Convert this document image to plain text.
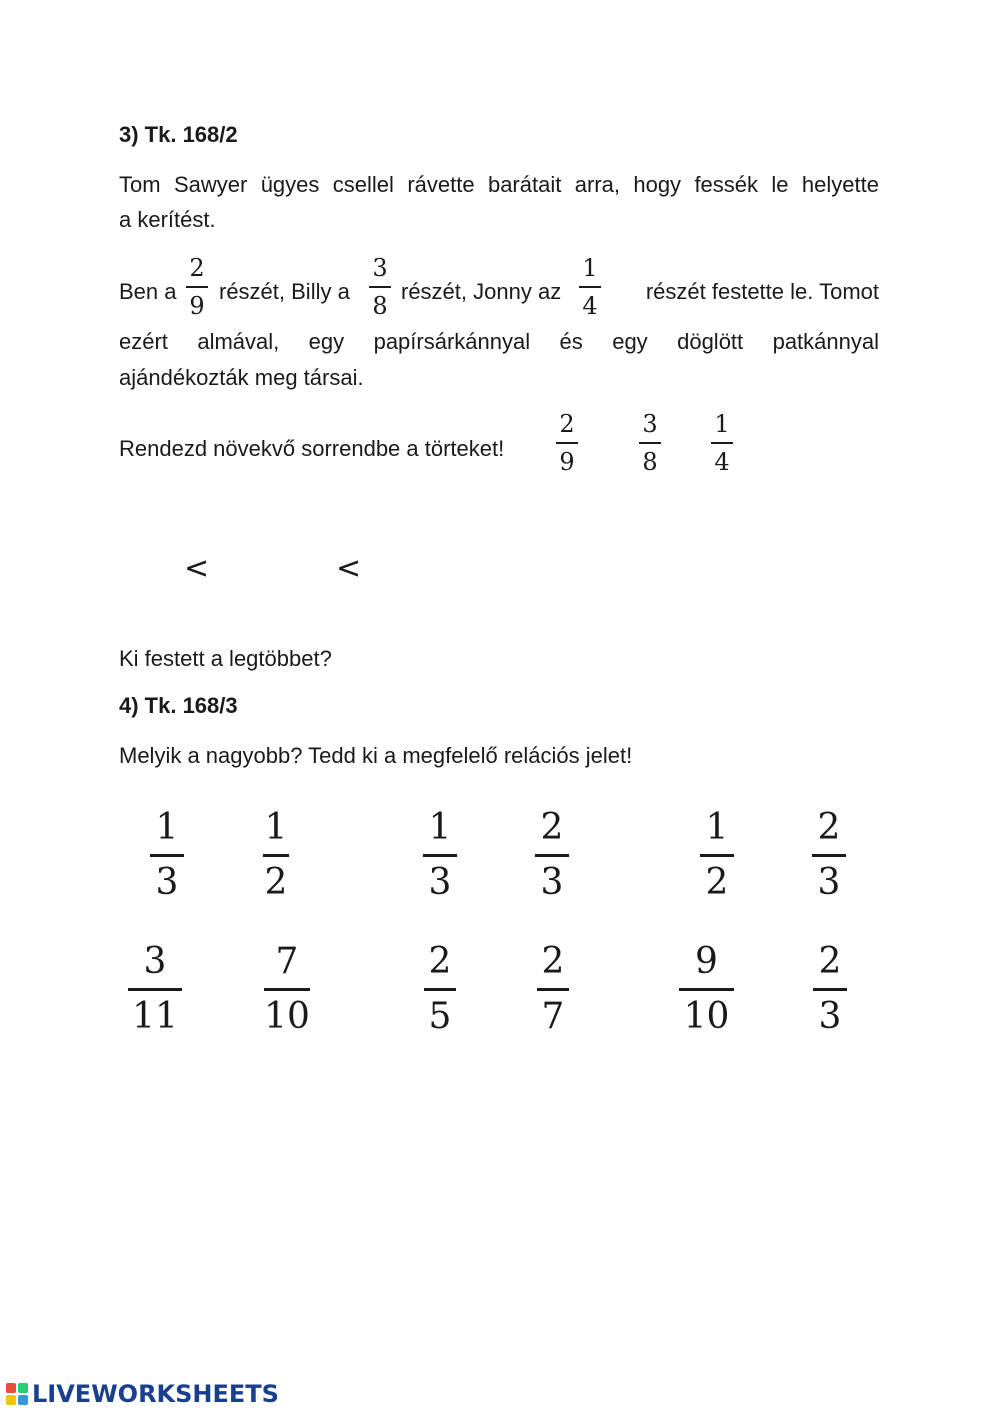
3) Tk. 168/2
Tom Sawyer ügyes csellel rávette barátait arra, hogy fessék le helyette
a kerítést.
Ben a
2
9
részét, Billy a
3
8
részét, Jonny az
1
4
részét festette le. Tomot
ezért almával, egy papírsárkánnyal és egy döglött patkánnyal
ajándékozták meg társai.
Rendezd növekvő sorrendbe a törteket!
2
9
3
8
1
4
<	<
Ki festett a legtöbbet?
4) Tk. 168/3
Melyik a nagyobb? Tedd ki a megfelelő relációs jelet!
1
3
1
2
1
3
2
3
1
2
2
3
3
11
7
10
2
5
2
7
9
10
2
3
LIVEWORKSHEETS
